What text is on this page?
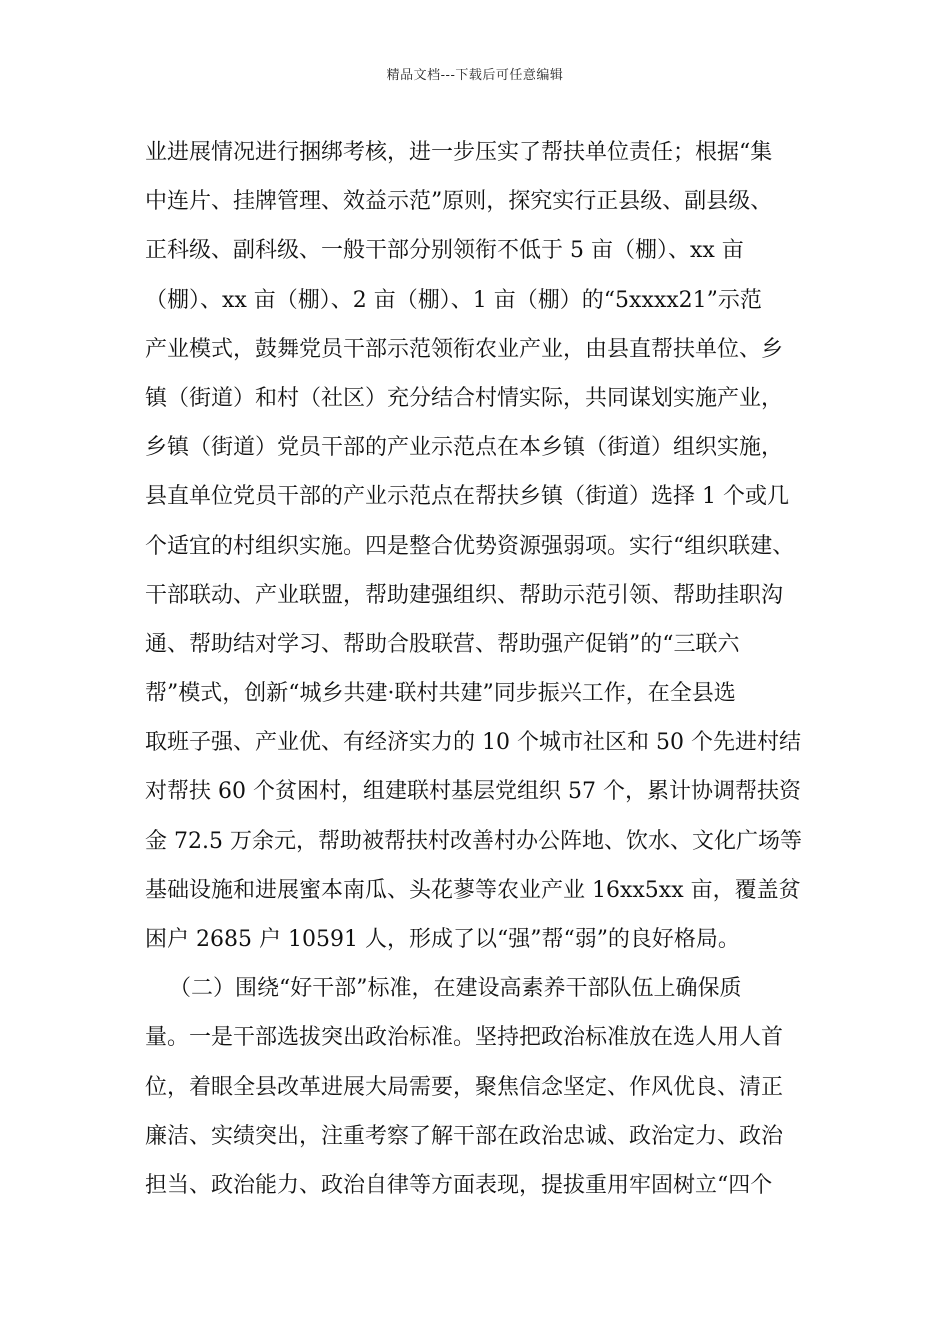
精品文档---下载后可任意编辑
业进展情况进行捆绑考核，进一步压实了帮扶单位责任；根据“集
中连片、挂牌管理、效益示范”原则，探究实行正县级、副县级、
正科级、副科级、一般干部分别领衔不低于 5 亩（棚）、xx 亩
（棚）、xx 亩（棚）、2 亩（棚）、1 亩（棚）的“5xxxx21”示范
产业模式，鼓舞党员干部示范领衔农业产业，由县直帮扶单位、乡
镇（街道）和村（社区）充分结合村情实际，共同谋划实施产业，
乡镇（街道）党员干部的产业示范点在本乡镇（街道）组织实施，
县直单位党员干部的产业示范点在帮扶乡镇（街道）选择 1 个或几
个适宜的村组织实施。四是整合优势资源强弱项。实行“组织联建、
干部联动、产业联盟，帮助建强组织、帮助示范引领、帮助挂职沟
通、帮助结对学习、帮助合股联营、帮助强产促销”的“三联六
帮”模式，创新“城乡共建·联村共建”同步振兴工作，在全县选
取班子强、产业优、有经济实力的 10 个城市社区和 50 个先进村结
对帮扶 60 个贫困村，组建联村基层党组织 57 个，累计协调帮扶资
金 72.5 万余元，帮助被帮扶村改善村办公阵地、饮水、文化广场等
基础设施和进展蜜本南瓜、头花蓼等农业产业 16xx5xx 亩，覆盖贫
困户 2685 户 10591 人，形成了以“强”帮“弱”的良好格局。
（二）围绕“好干部”标准，在建设高素养干部队伍上确保质
量。一是干部选拔突出政治标准。坚持把政治标准放在选人用人首
位，着眼全县改革进展大局需要，聚焦信念坚定、作风优良、清正
廉洁、实绩突出，注重考察了解干部在政治忠诚、政治定力、政治
担当、政治能力、政治自律等方面表现，提拔重用牢固树立“四个
